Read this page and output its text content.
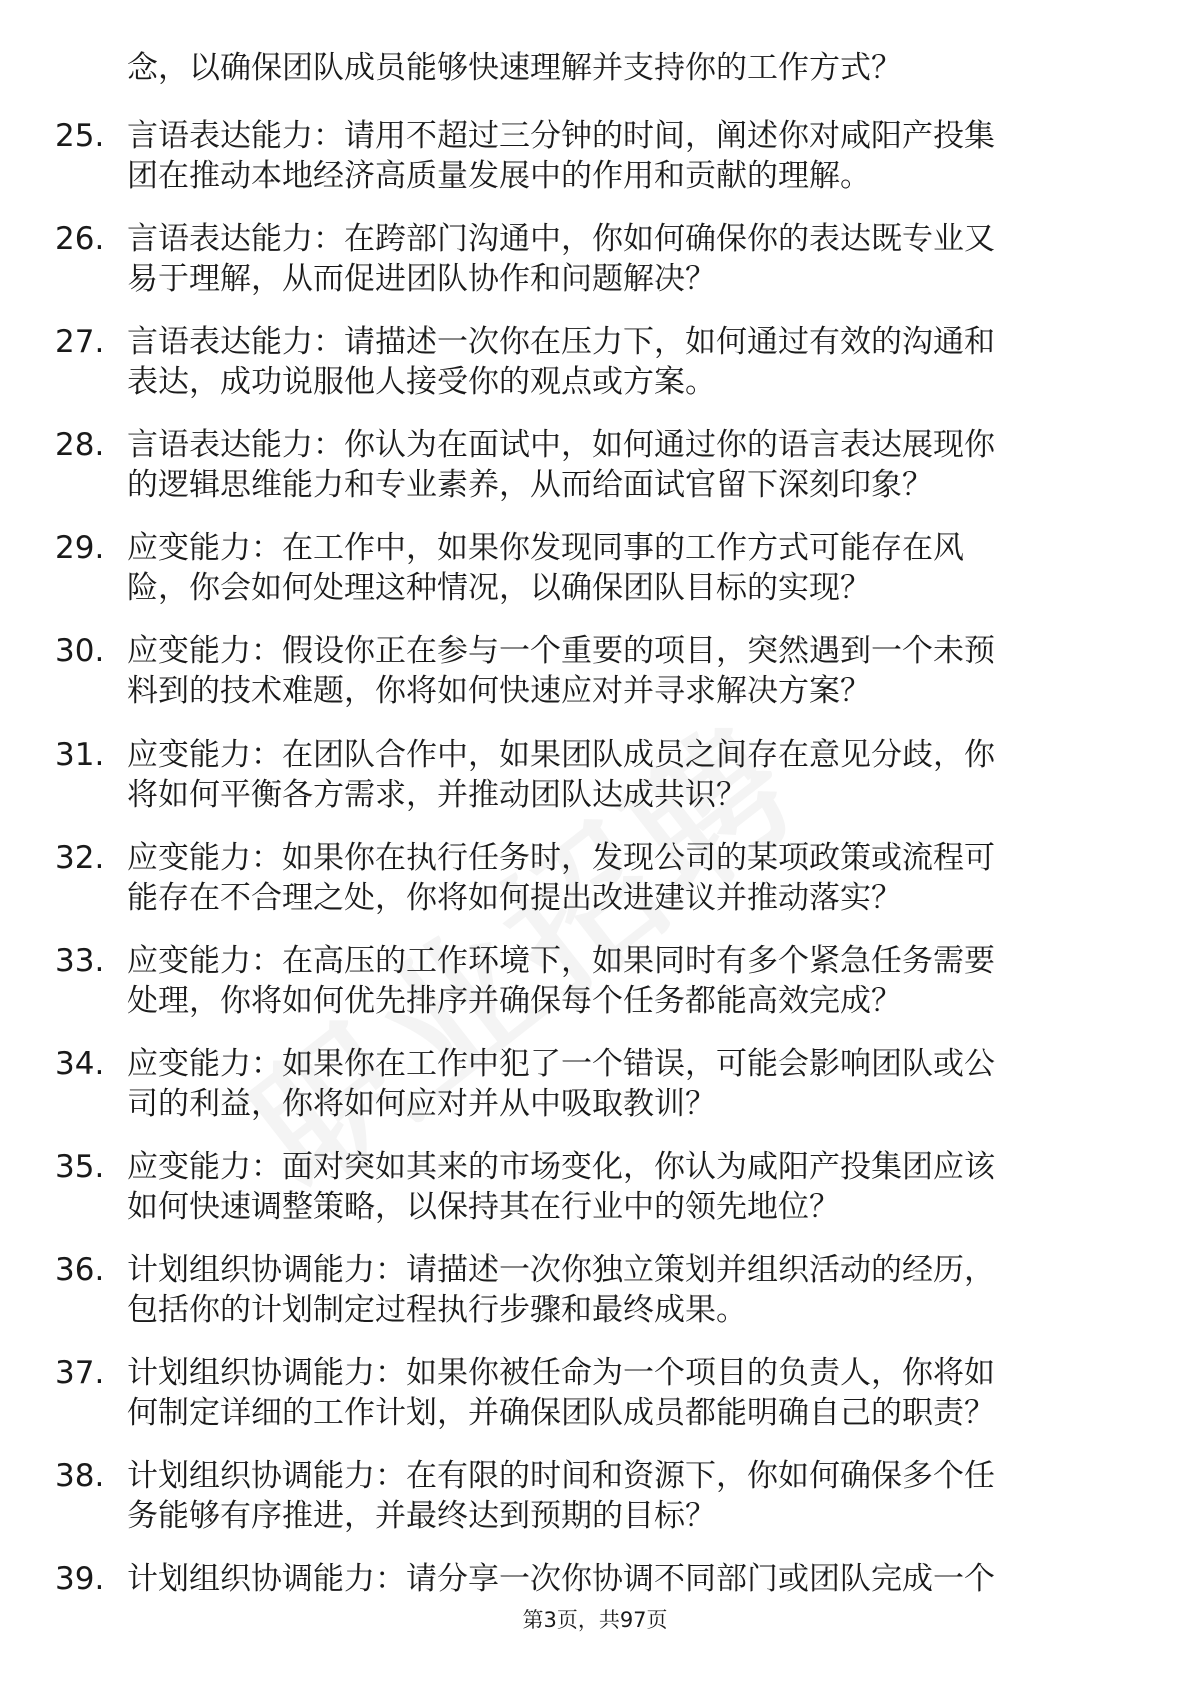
念，以确保团队成员能够快速理解并支持你的工作方式？
25. 言语表达能力：请用不超过三分钟的时间，阐述你对咸阳产投集
团在推动本地经济高质量发展中的作用和贡献的理解。

26. 言语表达能力：在跨部门沟通中，你如何确保你的表达既专业又
易于理解，从而促进团队协作和问题解决？

27. 言语表达能力：请描述一次你在压力下，如何通过有效的沟通和
表达，成功说服他人接受你的观点或方案。

28. 言语表达能力：你认为在面试中，如何通过你的语言表达展现你
的逻辑思维能力和专业素养，从而给面试官留下深刻印象？

29. 应变能力：在工作中，如果你发现同事的工作方式可能存在风
险，你会如何处理这种情况，以确保团队目标的实现？

30. 应变能力：假设你正在参与一个重要的项目，突然遇到一个未预
料到的技术难题，你将如何快速应对并寻求解决方案？

31. 应变能力：在团队合作中，如果团队成员之间存在意见分歧，你
将如何平衡各方需求，并推动团队达成共识？

32. 应变能力：如果你在执行任务时，发现公司的某项政策或流程可
能存在不合理之处，你将如何提出改进建议并推动落实？

33. 应变能力：在高压的工作环境下，如果同时有多个紧急任务需要
处理，你将如何优先排序并确保每个任务都能高效完成？

34. 应变能力：如果你在工作中犯了一个错误，可能会影响团队或公
司的利益，你将如何应对并从中吸取教训？

35. 应变能力：面对突如其来的市场变化，你认为咸阳产投集团应该
如何快速调整策略，以保持其在行业中的领先地位？

36. 计划组织协调能力：请描述一次你独立策划并组织活动的经历，
包括你的计划制定过程执行步骤和最终成果。

37. 计划组织协调能力：如果你被任命为一个项目的负责人，你将如
何制定详细的工作计划，并确保团队成员都能明确自己的职责？

38. 计划组织协调能力：在有限的时间和资源下，你如何确保多个任
务能够有序推进，并最终达到预期的目标？

39. 计划组织协调能力：请分享一次你协调不同部门或团队完成一个

第3页，共97页
